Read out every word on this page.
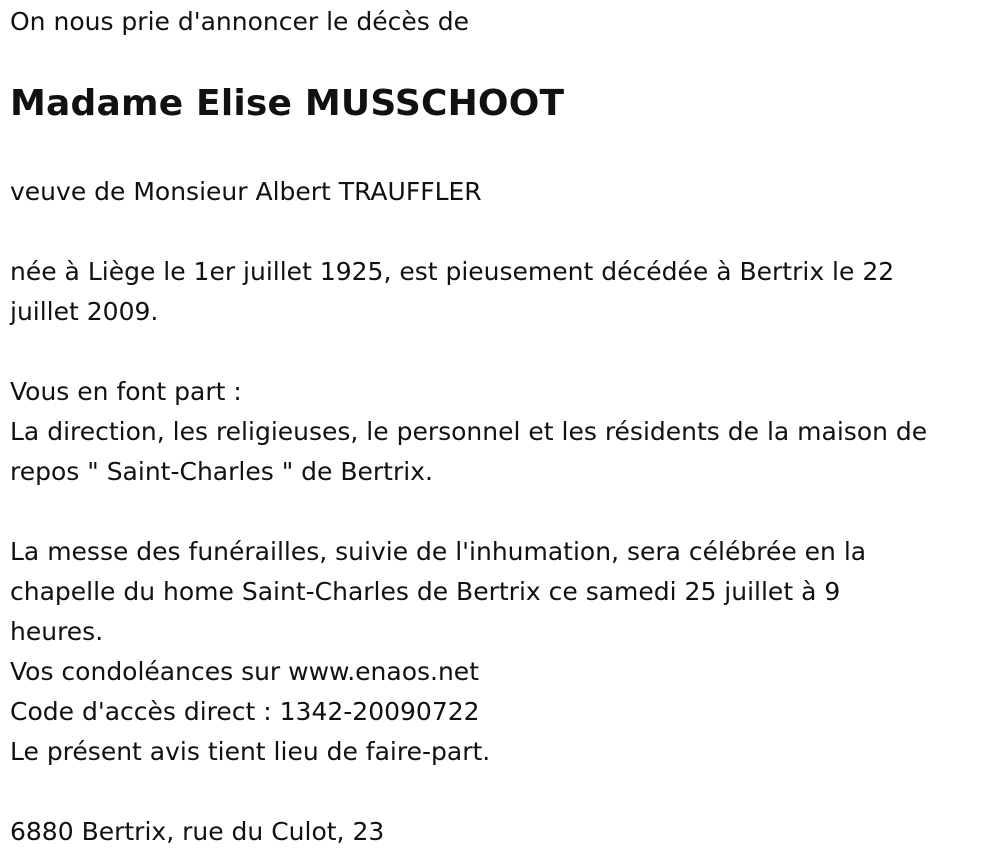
On nous prie d'annoncer le décès de
Madame Elise MUSSCHOOT
veuve de Monsieur Albert TRAUFFLER
née à Liège le 1er juillet 1925, est pieusement décédée à Bertrix le 22
juillet 2009.
Vous en font part :
La direction, les religieuses, le personnel et les résidents de la maison de
repos " Saint-Charles " de Bertrix.
La messe des funérailles, suivie de l'inhumation, sera célébrée en la
chapelle du home Saint-Charles de Bertrix ce samedi 25 juillet à 9
heures.
Vos condoléances sur www.enaos.net
Code d'accès direct : 1342-20090722
Le présent avis tient lieu de faire-part.
6880 Bertrix, rue du Culot, 23
